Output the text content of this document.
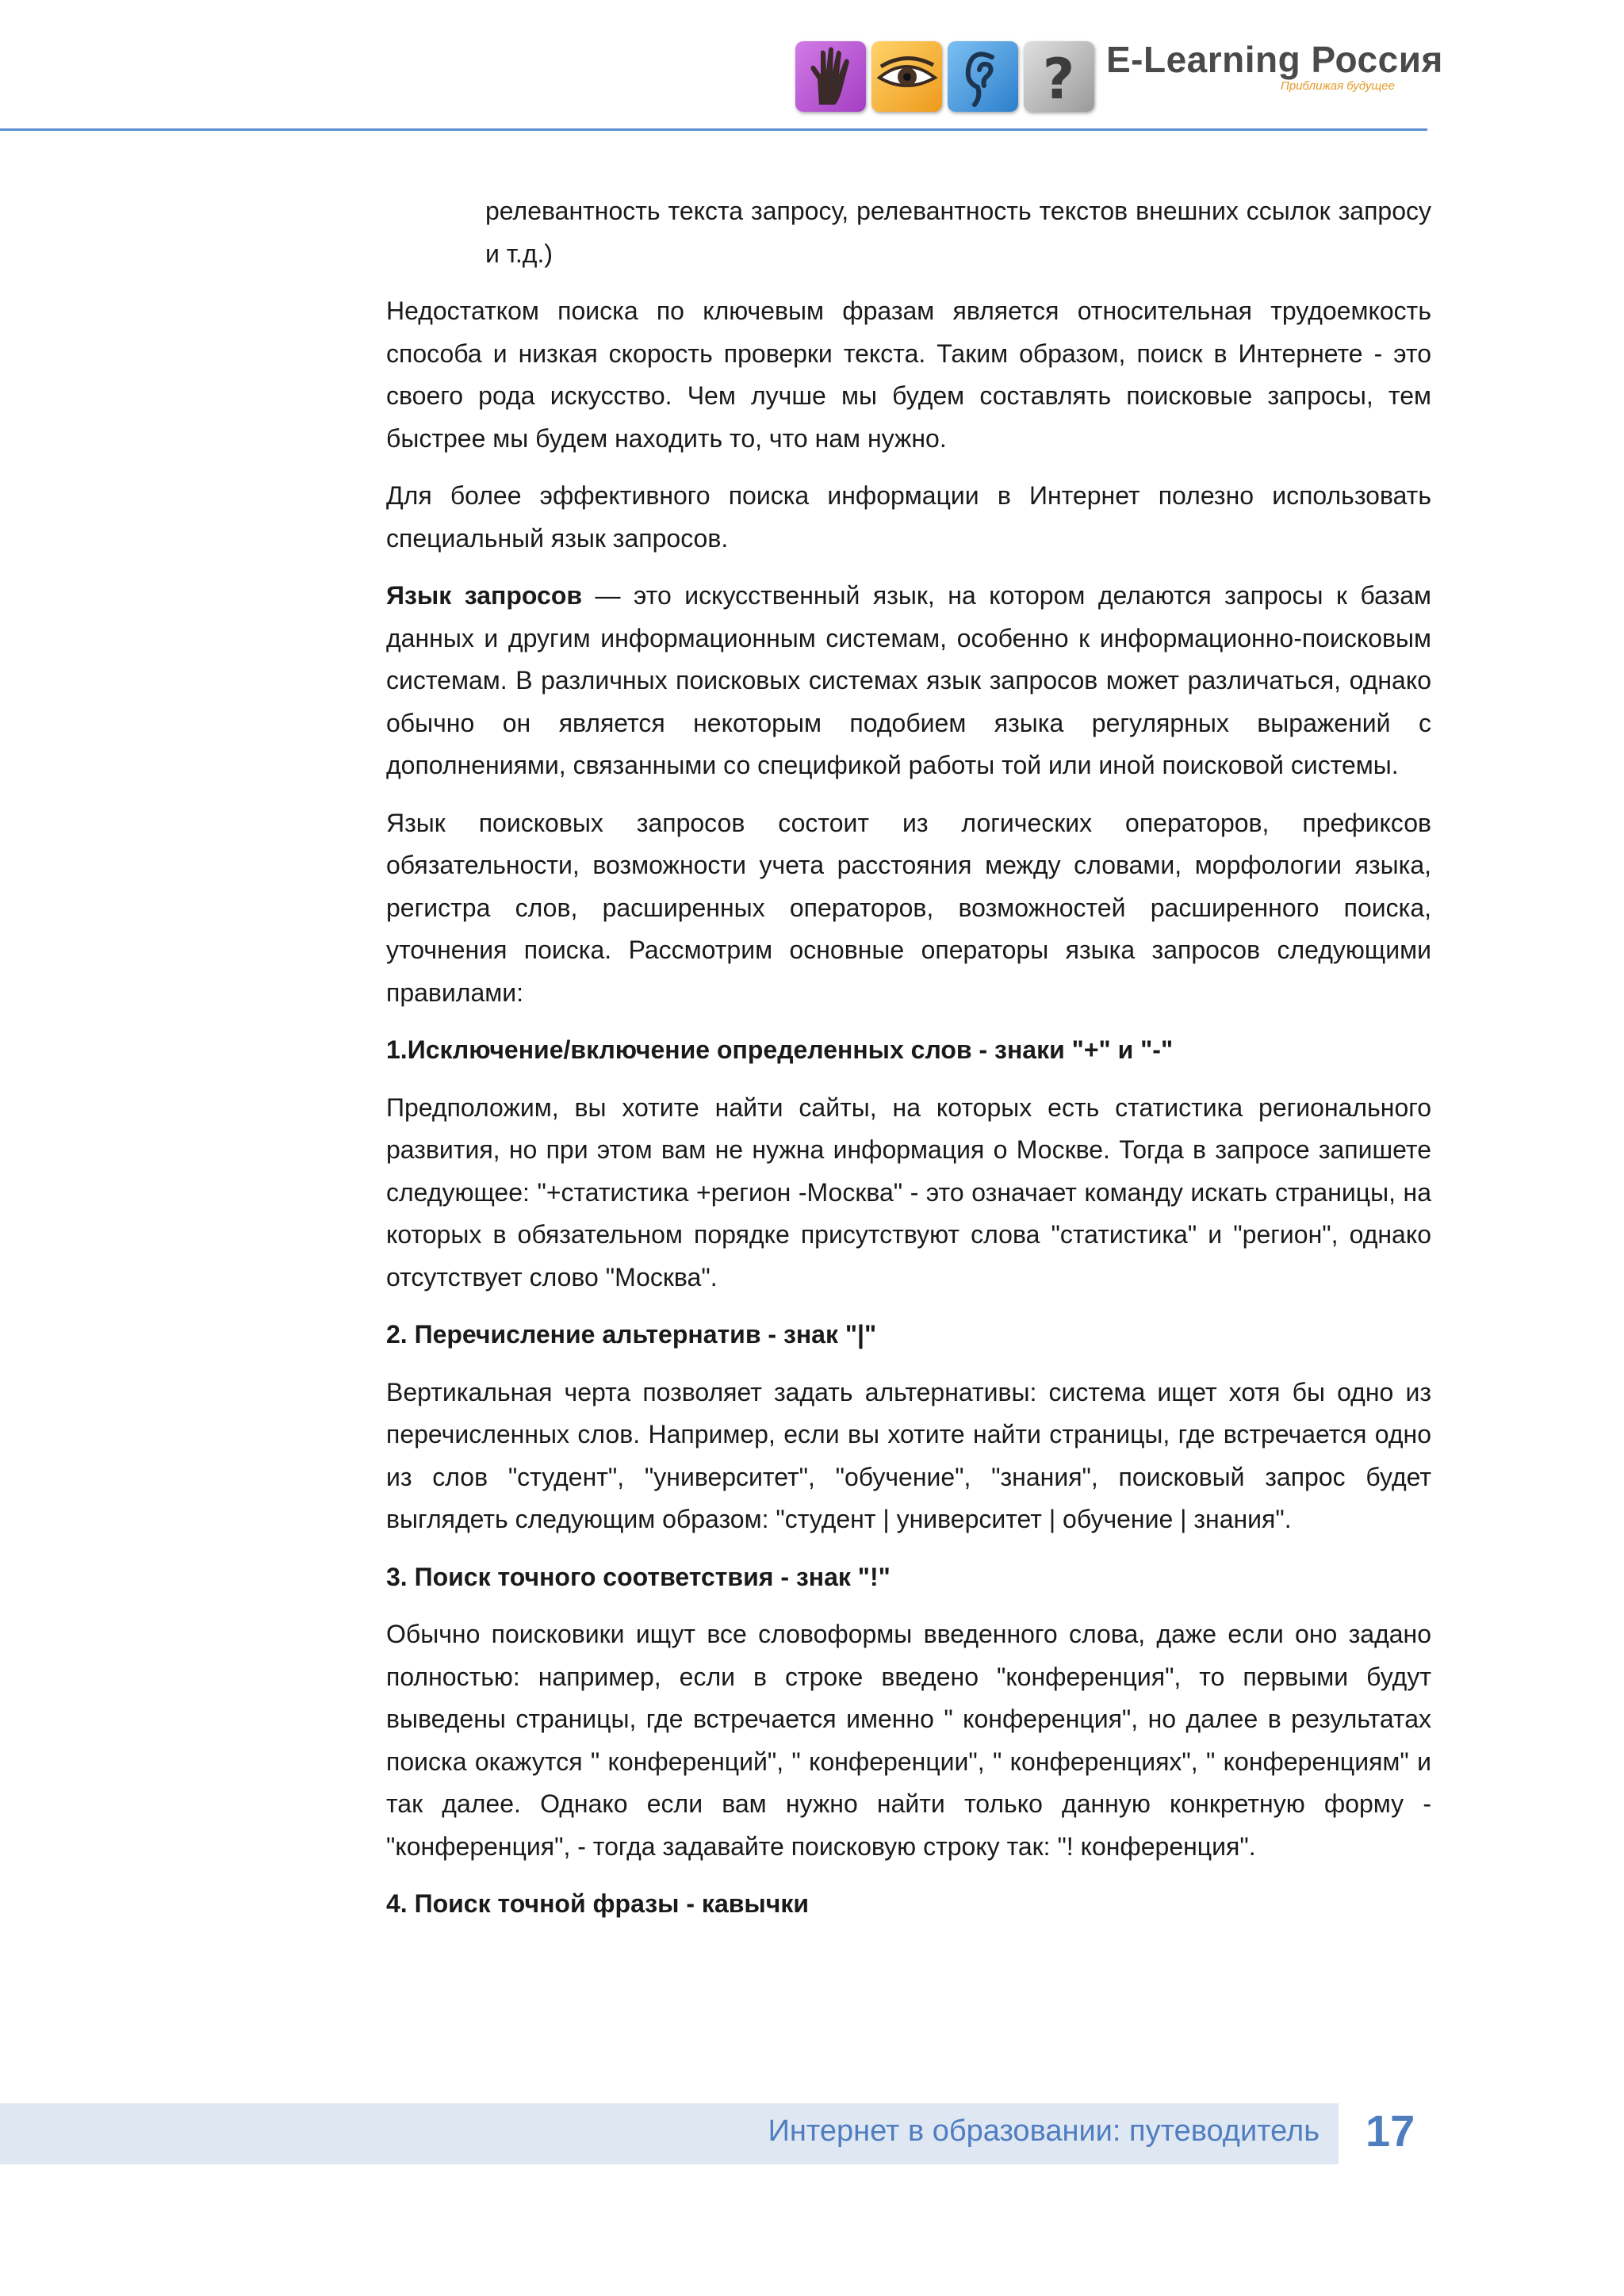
? E-Learning Россия
Приближая будущее

релевантность текста запросу, релевантность текстов внешних ссылок запросу и т.д.)

Недостатком поиска по ключевым фразам является относительная трудоемкость способа и низкая скорость проверки текста. Таким образом, поиск в Интернете - это своего рода искусство. Чем лучше мы будем составлять поисковые запросы, тем быстрее мы будем находить то, что нам нужно.

Для более эффективного поиска информации в Интернет полезно использовать специальный язык запросов.

Язык запросов — это искусственный язык, на котором делаются запросы к базам данных и другим информационным системам, особенно к информационно-поисковым системам. В различных поисковых системах язык запросов может различаться, однако обычно он является некоторым подобием языка регулярных выражений с дополнениями, связанными со спецификой работы той или иной поисковой системы.

Язык поисковых запросов состоит из логических операторов, префиксов обязательности, возможности учета расстояния между словами, морфологии языка, регистра слов, расширенных операторов, возможностей расширенного поиска, уточнения поиска. Рассмотрим основные операторы языка запросов следующими правилами:

1.Исключение/включение определенных слов - знаки "+" и "-"

Предположим, вы хотите найти сайты, на которых есть статистика регионального развития, но при этом вам не нужна информация о Москве. Тогда в запросе запишете следующее: "+статистика +регион -Москва" - это означает команду искать страницы, на которых в обязательном порядке присутствуют слова "статистика" и "регион", однако отсутствует слово "Москва".

2. Перечисление альтернатив - знак "|"

Вертикальная черта позволяет задать альтернативы: система ищет хотя бы одно из перечисленных слов. Например, если вы хотите найти страницы, где встречается одно из слов "студент", "университет", "обучение", "знания", поисковый запрос будет выглядеть следующим образом: "студент | университет | обучение | знания".

3. Поиск точного соответствия - знак "!"

Обычно поисковики ищут все словоформы введенного слова, даже если оно задано полностью: например, если в строке введено "конференция", то первыми будут выведены страницы, где встречается именно " конференция", но далее в результатах поиска окажутся " конференций", " конференции", " конференциях", " конференциям" и так далее. Однако если вам нужно найти только данную конкретную форму - "конференция", - тогда задавайте поисковую строку так: "! конференция".

4. Поиск точной фразы - кавычки

Интернет в образовании: путеводитель 17
